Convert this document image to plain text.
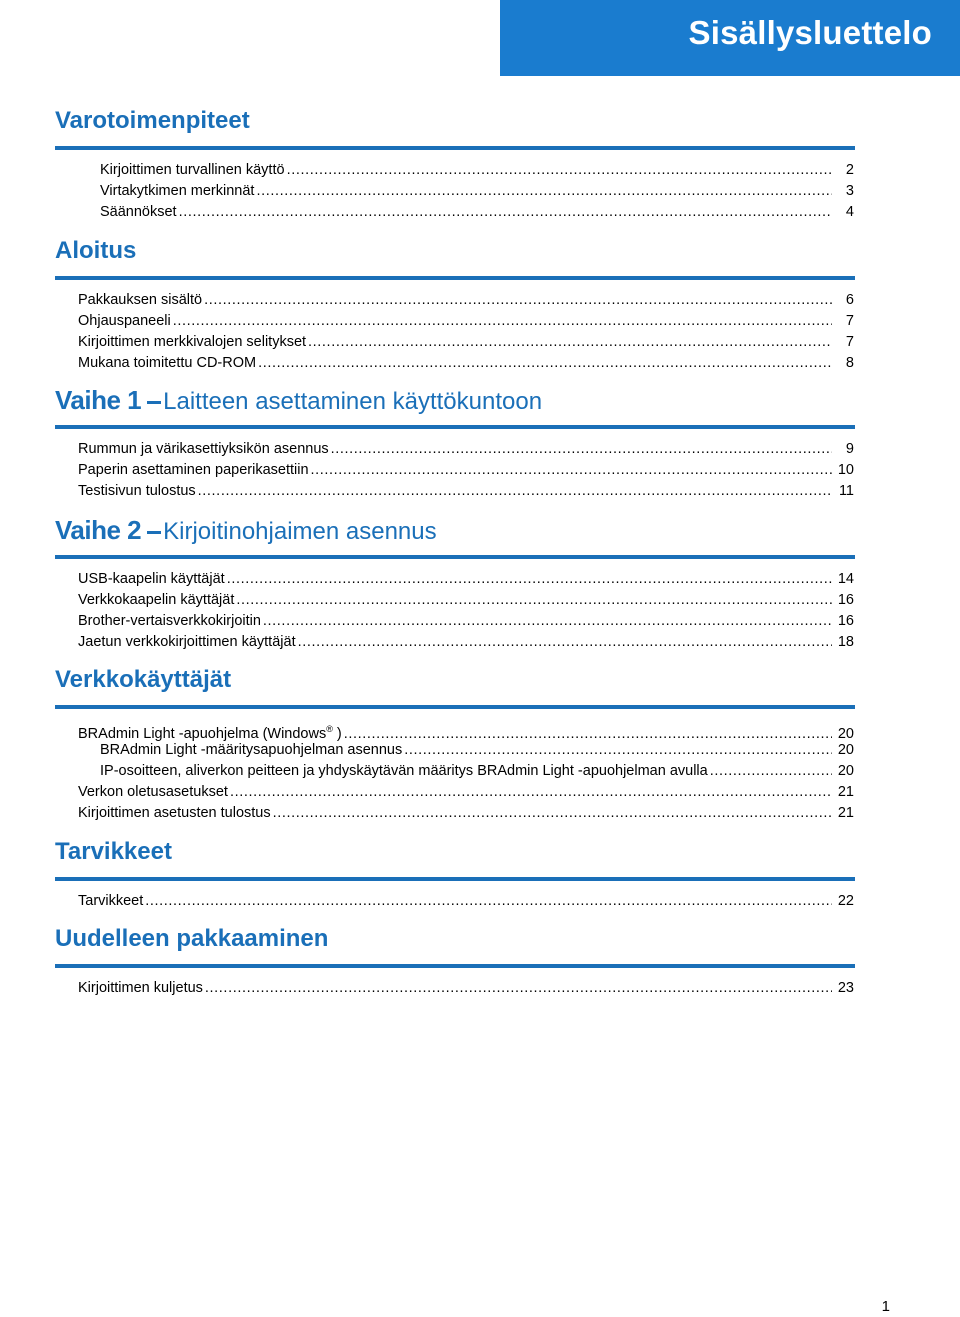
Sisällysluettelo
Varotoimenpiteet
Kirjoittimen turvallinen käyttö .....	2
Virtakytkimen merkinnät .....	3
Säännökset .....	4
Aloitus
Pakkauksen sisältö .....	6
Ohjauspaneeli .....	7
Kirjoittimen merkkivalojen selitykset .....	7
Mukana toimitettu CD-ROM .....	8
Vaihe 1 Laitteen asettaminen käyttökuntoon
Rummun ja värikasettiyksikön asennus .....	9
Paperin asettaminen paperikasettiin .....	10
Testisivun tulostus .....	11
Vaihe 2 Kirjoitinohjaimen asennus
USB-kaapelin käyttäjät .....	14
Verkkokaapelin käyttäjät .....	16
Brother-vertaisverkkokirjoitin .....	16
Jaetun verkkokirjoittimen käyttäjät .....	18
Verkkokäyttäjät
BRAdmin Light -apuohjelma (Windows® ) .....	20
BRAdmin Light -määritysapuohjelman asennus .....	20
IP-osoitteen, aliverkon peitteen ja yhdyskäytävän määritys BRAdmin Light -apuohjelman avulla .....	20
Verkon oletusasetukset .....	21
Kirjoittimen asetusten tulostus .....	21
Tarvikkeet
Tarvikkeet .....	22
Uudelleen pakkaaminen
Kirjoittimen kuljetus .....	23
1
